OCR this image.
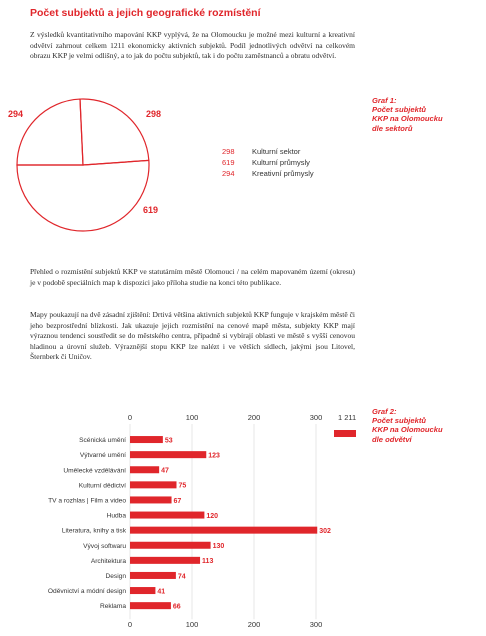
Počet subjektů a jejich geografické rozmístění
Z výsledků kvantitativního mapování KKP vyplývá, že na Olomoucku je možné mezi kulturní a kreativní odvětví zahrnout celkem 1211 ekonomicky aktivních subjektů. Podíl jednotlivých odvětví na celkovém obrazu KKP je velmi odlišný, a to jak do počtu subjektů, tak i do počtu zaměstnanců a obratu odvětví.
Graf 1:
Počet subjektů
KKP na Olomoucku
dle sektorů
294	298
619
298	Kulturní sektor
619	Kulturní průmysly
294	Kreativní průmysly
Přehled o rozmístění subjektů KKP ve statutárním městě Olomouci / na celém mapovaném území (okresu) je v podobě speciálních map k dispozici jako příloha studie na konci této publikace.
Mapy poukazují na dvě zásadní zjištění: Drtivá většina aktivních subjektů KKP funguje v krajském městě či jeho bezprostřední blízkosti. Jak ukazuje jejich rozmístění na cenové mapě města, subjekty KKP mají výraznou tendenci soustředit se do městského centra, případně si vybírají oblasti ve městě s vyšší cenovou hladinou a úrovní služeb. Výraznější stopu KKP lze nalézt i ve větších sídlech, jakými jsou Litovel, Šternberk či Uničov.
Graf 2:
Počet subjektů
KKP na Olomoucku
dle odvětví
0	100	200	300
0	100	200	300
Scénická umění
Výtvarné umění
Umělecké vzdělávání
Kulturní dědictví
TV a rozhlas | Film a video
Hudba
Literatura, knihy a tisk
Vývoj softwaru
Architektura
Design
Oděvnictví a módní design
Reklama
53
123
47
75
67
120
302
130
113
74
41
66
1 211
